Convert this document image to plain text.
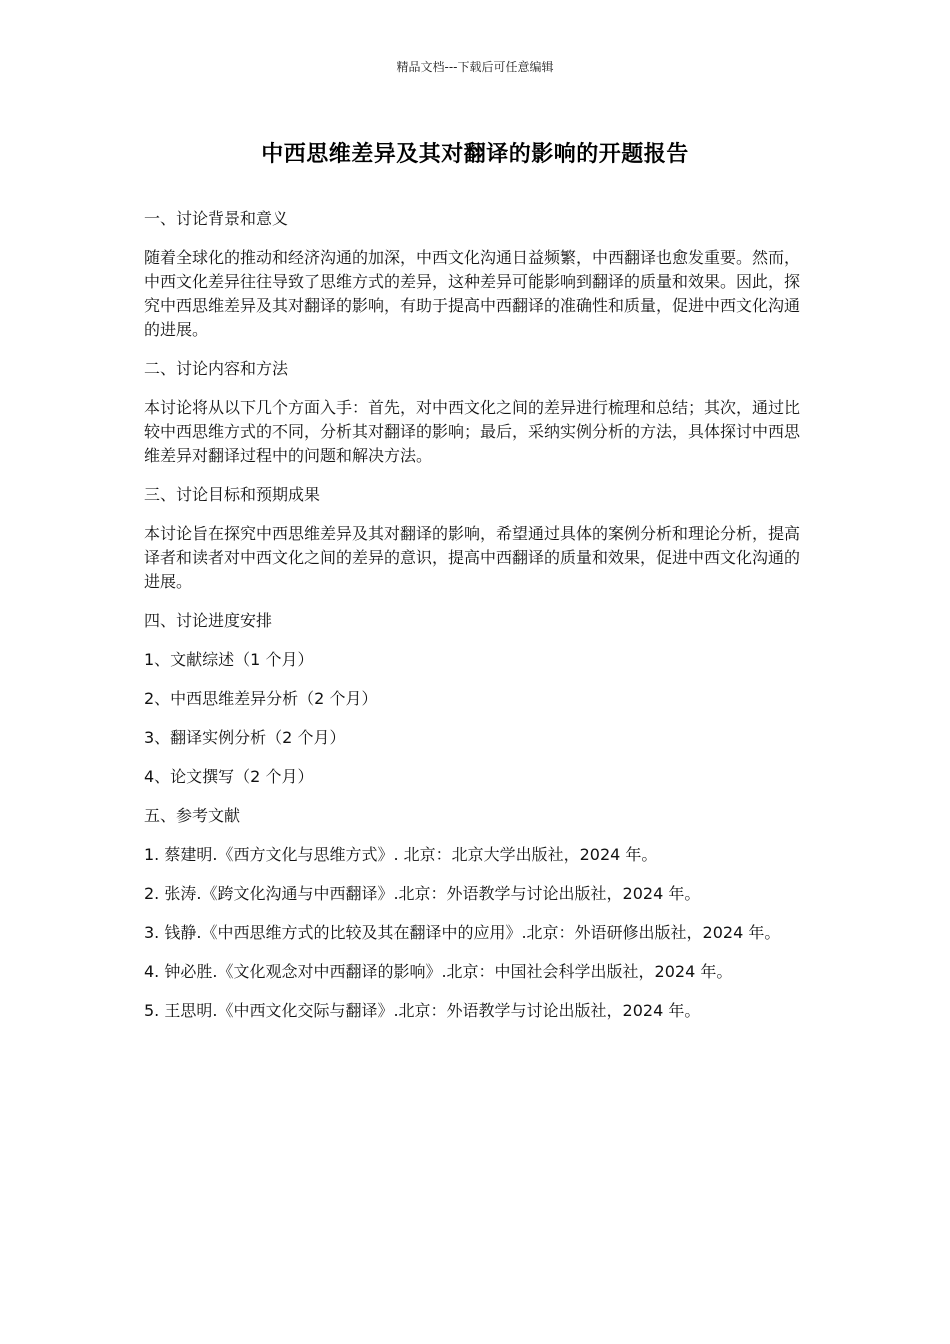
精品文档---下载后可任意编辑
中西思维差异及其对翻译的影响的开题报告

一、讨论背景和意义

随着全球化的推动和经济沟通的加深，中西文化沟通日益频繁，中西翻译也愈发重要。然而，中西文化差异往往导致了思维方式的差异，这种差异可能影响到翻译的质量和效果。因此，探究中西思维差异及其对翻译的影响，有助于提高中西翻译的准确性和质量，促进中西文化沟通的进展。

二、讨论内容和方法

本讨论将从以下几个方面入手：首先，对中西文化之间的差异进行梳理和总结；其次，通过比较中西思维方式的不同，分析其对翻译的影响；最后，采纳实例分析的方法，具体探讨中西思维差异对翻译过程中的问题和解决方法。

三、讨论目标和预期成果

本讨论旨在探究中西思维差异及其对翻译的影响，希望通过具体的案例分析和理论分析，提高译者和读者对中西文化之间的差异的意识，提高中西翻译的质量和效果，促进中西文化沟通的进展。

四、讨论进度安排

1、文献综述（1 个月）

2、中西思维差异分析（2 个月）

3、翻译实例分析（2 个月）

4、论文撰写（2 个月）

五、参考文献

1. 蔡建明.《西方文化与思维方式》. 北京：北京大学出版社，2024 年。

2. 张涛.《跨文化沟通与中西翻译》.北京：外语教学与讨论出版社，2024 年。

3. 钱静.《中西思维方式的比较及其在翻译中的应用》.北京：外语研修出版社，2024 年。

4. 钟必胜.《文化观念对中西翻译的影响》.北京：中国社会科学出版社，2024 年。

5. 王思明.《中西文化交际与翻译》.北京：外语教学与讨论出版社，2024 年。
